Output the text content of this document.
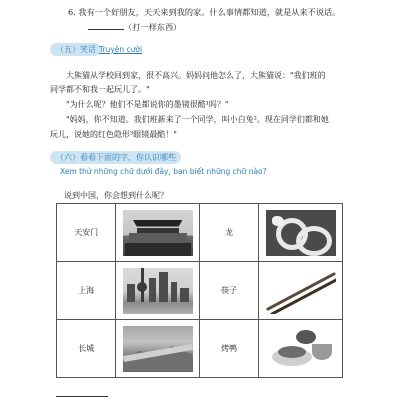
6. 我有一个好朋友，天天来到我的家。什么事情都知道，就是从来不说话。
（打一样东西）
（五）笑话 Truyện cười
大熊猫从学校回到家，很不高兴。妈妈问他怎么了，大熊猫说："我们班的
同学都不和我一起玩儿了。"
"为什么呢？他们不是都说你的墨镜很酷¹吗？"
"妈妈，你不知道。我们班新来了一个同学，叫小白兔²。现在同学们都和她
玩儿，说她的红色隐形³眼镜最酷！"
（六）看看下面的字，你认识哪些
Xem thử những chữ dưới đây, bạn biết những chữ nào?
说到中国，你会想到什么呢？
天安门		龙	

上海		筷子	

长城		烤鸭	
